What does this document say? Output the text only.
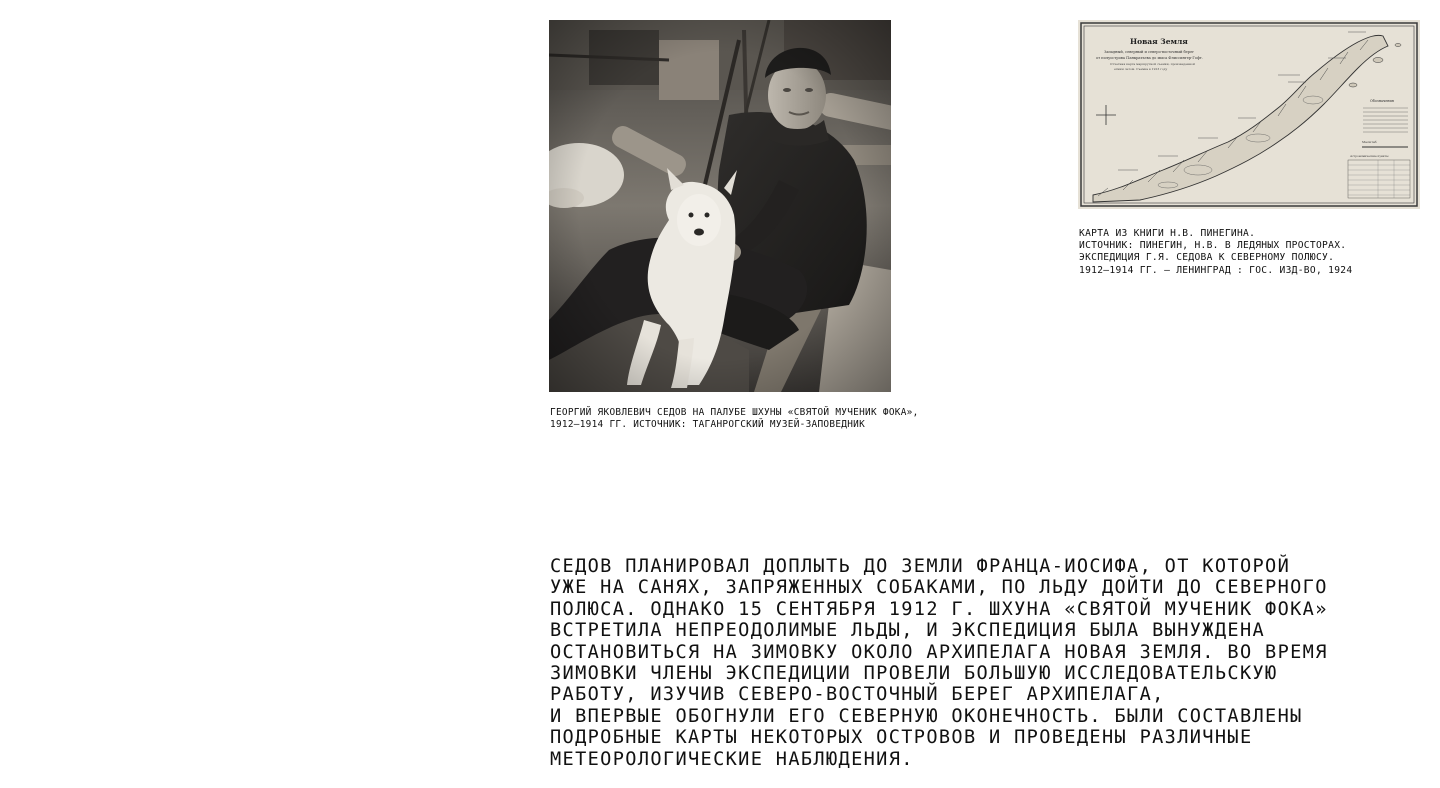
ГЕОРГИЙ ЯКОВЛЕВИЧ СЕДОВ НА ПАЛУБЕ ШХУНЫ «СВЯТОЙ МУЧЕНИК ФОКА»,
1912–1914 ГГ. ИСТОЧНИК: ТАГАНРОГСКИЙ МУЗЕЙ-ЗАПОВЕДНИК

Новая Земля
Западный, северный и северо-восточный берег
от полуострова Панкратьева до мыса Флиссингер-Гофт.
Отчетная карта маршрутной съемки, произведенной
етним летом. Съемка в 1913 году
Обозначения
Масштаб
Астрономические пункты

КАРТА ИЗ КНИГИ Н.В. ПИНЕГИНА.
ИСТОЧНИК: ПИНЕГИН, Н.В. В ЛЕДЯНЫХ ПРОСТОРАХ.
ЭКСПЕДИЦИЯ Г.Я. СЕДОВА К СЕВЕРНОМУ ПОЛЮСУ.
1912–1914 ГГ. — ЛЕНИНГРАД : ГОС. ИЗД-ВО, 1924

СЕДОВ ПЛАНИРОВАЛ ДОПЛЫТЬ ДО ЗЕМЛИ ФРАНЦА-ИОСИФА, ОТ КОТОРОЙ
УЖЕ НА САНЯХ, ЗАПРЯЖЕННЫХ СОБАКАМИ, ПО ЛЬДУ ДОЙТИ ДО СЕВЕРНОГО
ПОЛЮСА. ОДНАКО 15 СЕНТЯБРЯ 1912 Г. ШХУНА «СВЯТОЙ МУЧЕНИК ФОКА»
ВСТРЕТИЛА НЕПРЕОДОЛИМЫЕ ЛЬДЫ, И ЭКСПЕДИЦИЯ БЫЛА ВЫНУЖДЕНА
ОСТАНОВИТЬСЯ НА ЗИМОВКУ ОКОЛО АРХИПЕЛАГА НОВАЯ ЗЕМЛЯ. ВО ВРЕМЯ
ЗИМОВКИ ЧЛЕНЫ ЭКСПЕДИЦИИ ПРОВЕЛИ БОЛЬШУЮ ИССЛЕДОВАТЕЛЬСКУЮ
РАБОТУ, ИЗУЧИВ СЕВЕРО-ВОСТОЧНЫЙ БЕРЕГ АРХИПЕЛАГА,
И ВПЕРВЫЕ ОБОГНУЛИ ЕГО СЕВЕРНУЮ ОКОНЕЧНОСТЬ. БЫЛИ СОСТАВЛЕНЫ
ПОДРОБНЫЕ КАРТЫ НЕКОТОРЫХ ОСТРОВОВ И ПРОВЕДЕНЫ РАЗЛИЧНЫЕ
МЕТЕОРОЛОГИЧЕСКИЕ НАБЛЮДЕНИЯ.
